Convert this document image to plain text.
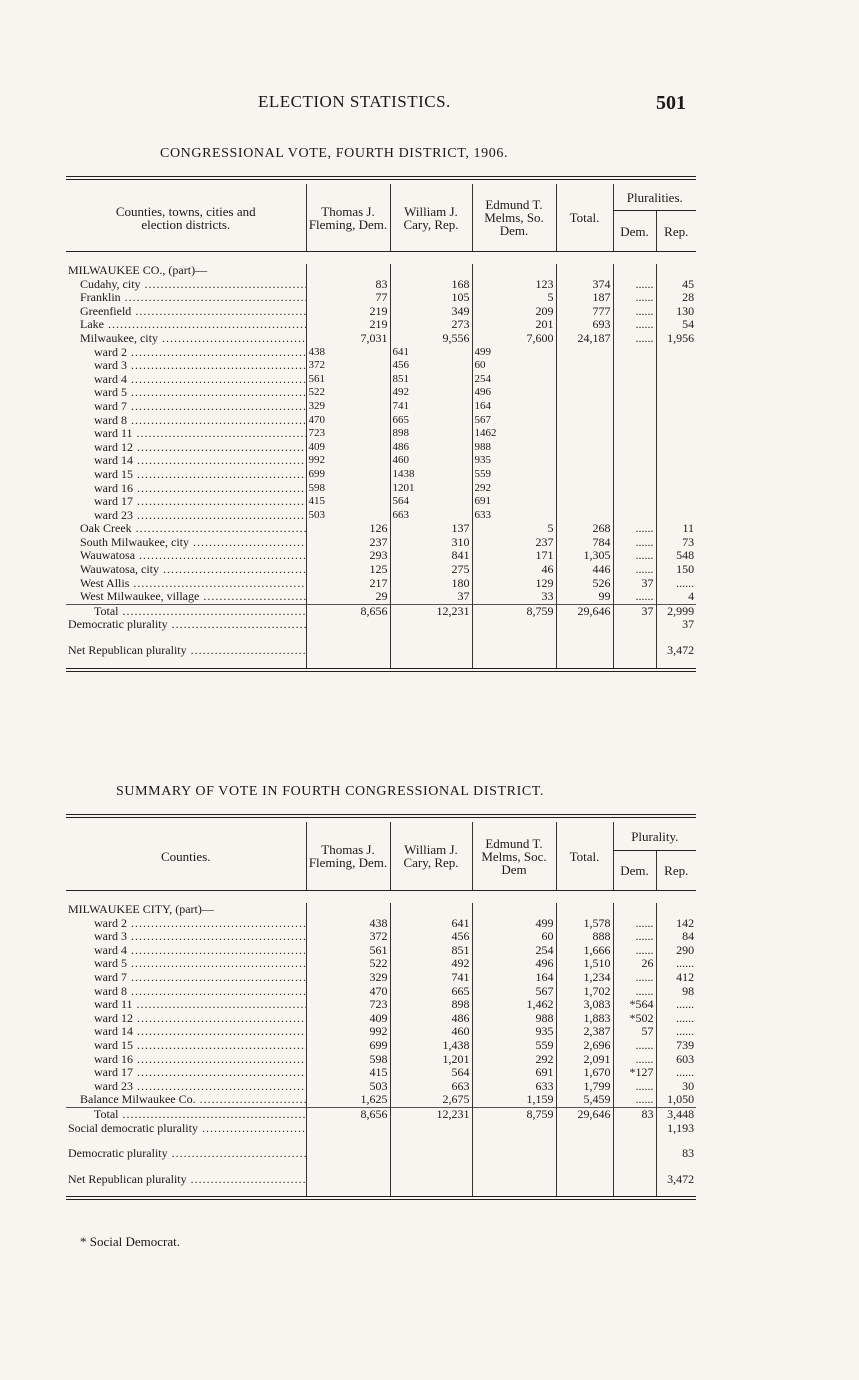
ELECTION STATISTICS.	501
CONGRESSIONAL VOTE, FOURTH DISTRICT, 1906.

Counties, towns, cities and election districts.	Thomas J. Fleming, Dem.	William J. Cary, Rep.	Edmund T. Melms, So. Dem.	Total.	Pluralities.	
					Dem.	Rep.

MILWAUKEE CO., (part)—						
Cudahy, city .....	83	168	123	374	......	45
Franklin .....	77	105	5	187	......	28
Greenfield .....	219	349	209	777	......	130
Lake .....	219	273	201	693	......	54
Milwaukee, city .....	7,031	9,556	7,600	24,187	......	1,956
ward 2 .....	438	641	499			
ward 3 .....	372	456	60			
ward 4 .....	561	851	254			
ward 5 .....	522	492	496			
ward 7 .....	329	741	164			
ward 8 .....	470	665	567			
ward 11 .....	723	898	1462			
ward 12 .....	409	486	988			
ward 14 .....	992	460	935			
ward 15 .....	699	1438	559			
ward 16 .....	598	1201	292			
ward 17 .....	415	564	691			
ward 23 .....	503	663	633			
Oak Creek .....	126	137	5	268	......	11
South Milwaukee, city .....	237	310	237	784	......	73
Wauwatosa .....	293	841	171	1,305	......	548
Wauwatosa, city .....	125	275	46	446	......	150
West Allis .....	217	180	129	526	37	......
West Milwaukee, village .....	29	37	33	99	......	4
Total .....	8,656	12,231	8,759	29,646	37	2,999
Democratic plurality .....						37

Net Republican plurality .....						3,472

SUMMARY OF VOTE IN FOURTH CONGRESSIONAL DISTRICT.

Counties.	Thomas J. Fleming, Dem.	William J. Cary, Rep.	Edmund T. Melms, Soc. Dem	Total.	Plurality.	
					Dem.	Rep.

MILWAUKEE CITY, (part)—						
ward 2 .....	438	641	499	1,578	......	142
ward 3 .....	372	456	60	888	......	84
ward 4 .....	561	851	254	1,666	......	290
ward 5 .....	522	492	496	1,510	26	......
ward 7 .....	329	741	164	1,234	......	412
ward 8 .....	470	665	567	1,702	......	98
ward 11 .....	723	898	1,462	3,083	*564	......
ward 12 .....	409	486	988	1,883	*502	......
ward 14 .....	992	460	935	2,387	57	......
ward 15 .....	699	1,438	559	2,696	......	739
ward 16 .....	598	1,201	292	2,091	......	603
ward 17 .....	415	564	691	1,670	*127	......
ward 23 .....	503	663	633	1,799	......	30
Balance Milwaukee Co. .....	1,625	2,675	1,159	5,459	......	1,050
Total .....	8,656	12,231	8,759	29,646	83	3,448
Social democratic plurality .....						1,193

Democratic plurality .....						83

Net Republican plurality .....						3,472

* Social Democrat.
